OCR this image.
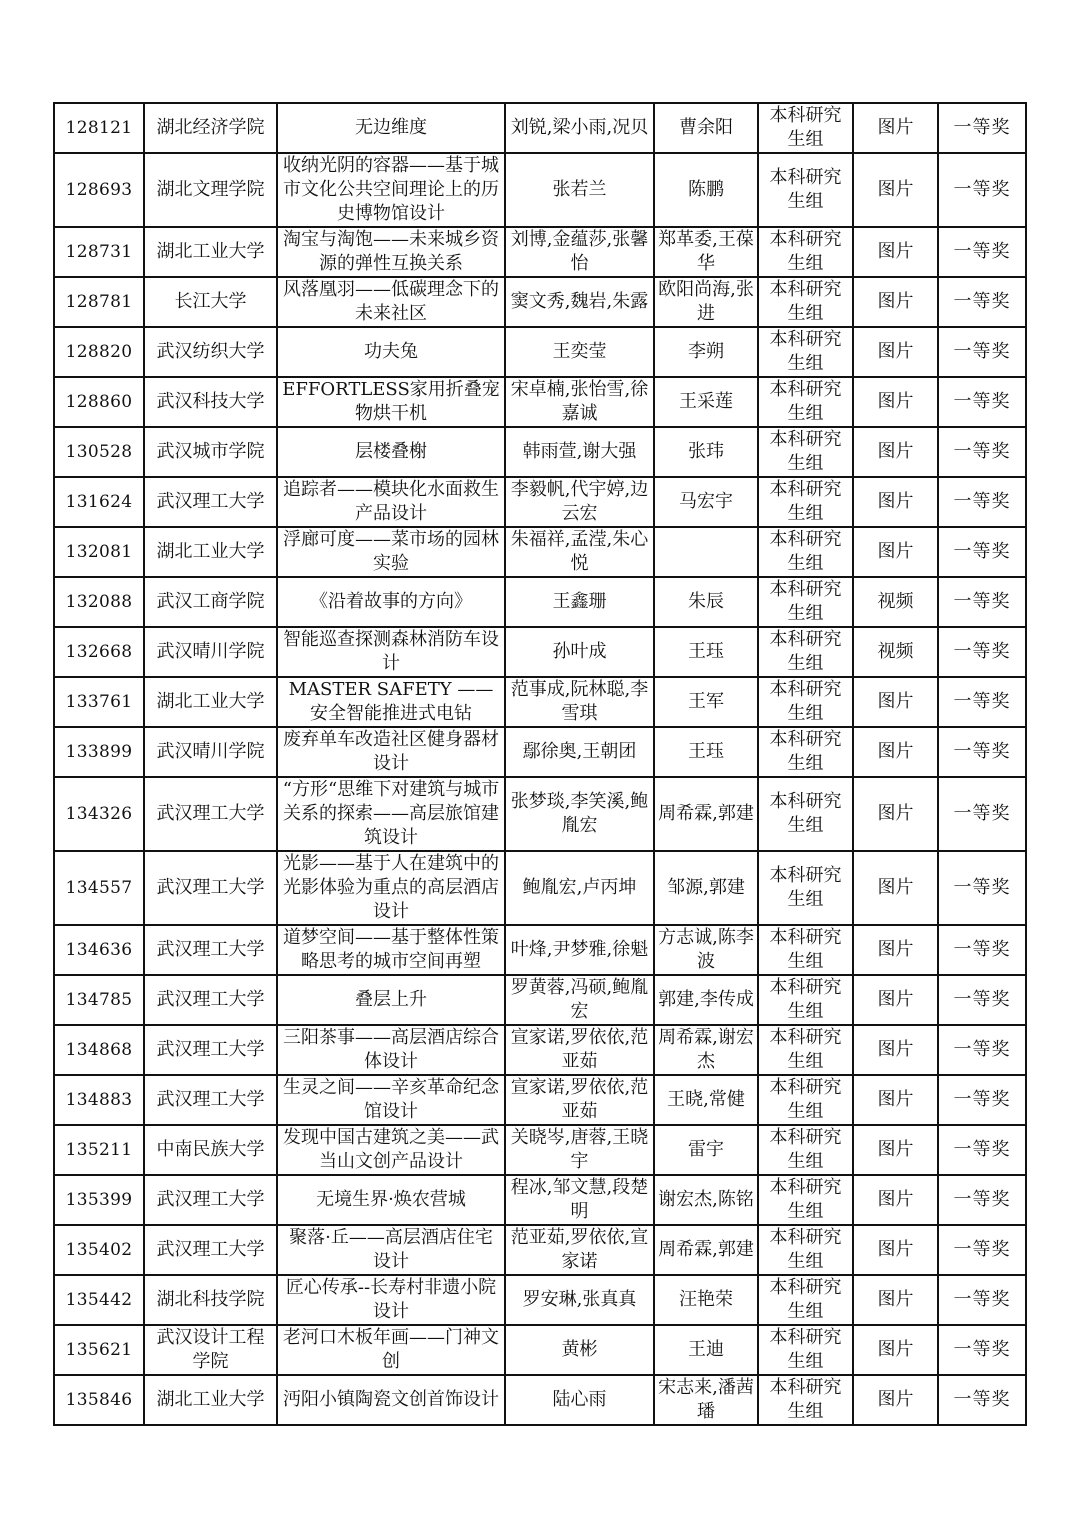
128121	湖北经济学院	无边维度	刘锐,梁小雨,况贝	曹余阳	本科研究生组	图片	一等奖
128693	湖北文理学院	收纳光阴的容器——基于城市文化公共空间理论上的历史博物馆设计	张若兰	陈鹏	本科研究生组	图片	一等奖
128731	湖北工业大学	淘宝与淘饱——未来城乡资源的弹性互换关系	刘博,金蕴莎,张馨怡	郑革委,王葆华	本科研究生组	图片	一等奖
128781	长江大学	风落凰羽——低碳理念下的未来社区	窦文秀,魏岩,朱露	欧阳尚海,张进	本科研究生组	图片	一等奖
128820	武汉纺织大学	功夫兔	王奕莹	李朔	本科研究生组	图片	一等奖
128860	武汉科技大学	EFFORTLESS家用折叠宠物烘干机	宋卓楠,张怡雪,徐嘉诚	王采莲	本科研究生组	图片	一等奖
130528	武汉城市学院	层楼叠榭	韩雨萱,谢大强	张玮	本科研究生组	图片	一等奖
131624	武汉理工大学	追踪者——模块化水面救生产品设计	李毅帆,代宇婷,边云宏	马宏宇	本科研究生组	图片	一等奖
132081	湖北工业大学	浮廊可度——菜市场的园林实验	朱福祥,孟滢,朱心悦		本科研究生组	图片	一等奖
132088	武汉工商学院	《沿着故事的方向》	王鑫珊	朱辰	本科研究生组	视频	一等奖
132668	武汉晴川学院	智能巡查探测森林消防车设计	孙叶成	王珏	本科研究生组	视频	一等奖
133761	湖北工业大学	MASTER SAFETY —— 安全智能推进式电钻	范事成,阮林聪,李雪琪	王军	本科研究生组	图片	一等奖
133899	武汉晴川学院	废弃单车改造社区健身器材设计	鄢徐奥,王朝团	王珏	本科研究生组	图片	一等奖
134326	武汉理工大学	“方形“思维下对建筑与城市关系的探索——高层旅馆建筑设计	张梦琰,李笑溪,鲍胤宏	周希霖,郭建	本科研究生组	图片	一等奖
134557	武汉理工大学	光影——基于人在建筑中的光影体验为重点的高层酒店设计	鲍胤宏,卢丙坤	邹源,郭建	本科研究生组	图片	一等奖
134636	武汉理工大学	道梦空间——基于整体性策略思考的城市空间再塑	叶烽,尹梦雅,徐魁	方志诚,陈李波	本科研究生组	图片	一等奖
134785	武汉理工大学	叠层上升	罗黄蓉,冯硕,鲍胤宏	郭建,李传成	本科研究生组	图片	一等奖
134868	武汉理工大学	三阳茶事——高层酒店综合体设计	宣家诺,罗依依,范亚茹	周希霖,谢宏杰	本科研究生组	图片	一等奖
134883	武汉理工大学	生灵之间——辛亥革命纪念馆设计	宣家诺,罗依依,范亚茹	王晓,常健	本科研究生组	图片	一等奖
135211	中南民族大学	发现中国古建筑之美——武当山文创产品设计	关晓岑,唐蓉,王晓宇	雷宇	本科研究生组	图片	一等奖
135399	武汉理工大学	无境生界·焕农营城	程冰,邹文慧,段楚明	谢宏杰,陈铭	本科研究生组	图片	一等奖
135402	武汉理工大学	聚落·丘——高层酒店住宅设计	范亚茹,罗依依,宣家诺	周希霖,郭建	本科研究生组	图片	一等奖
135442	湖北科技学院	匠心传承--长寿村非遗小院设计	罗安琳,张真真	汪艳荣	本科研究生组	图片	一等奖
135621	武汉设计工程学院	老河口木板年画——门神文创	黄彬	王迪	本科研究生组	图片	一等奖
135846	湖北工业大学	沔阳小镇陶瓷文创首饰设计	陆心雨	宋志来,潘茜璠	本科研究生组	图片	一等奖
